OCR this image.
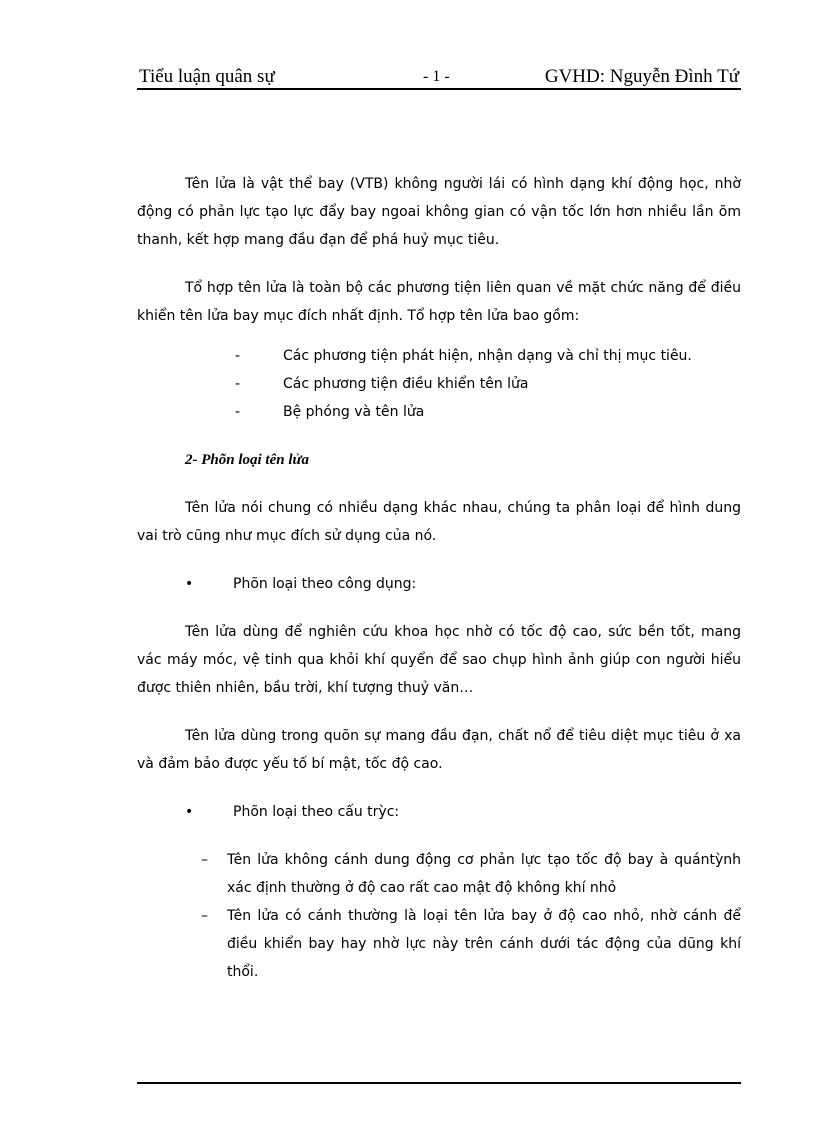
Tiểu luận quân sự	- 1 -	GVHD: Nguyễn Đình Tứ

Tên lửa là vật thể bay (VTB) không người lái có hình dạng khí động học, nhờ động có phản lực tạo lực đẩy bay ngoai không gian có vận tốc lớn hơn nhiều lần õm thanh, kết hợp mang đầu đạn để phá huỷ mục tiêu.

Tổ hợp tên lửa là toàn bộ các phương tiện liên quan về mặt chức năng để điều khiển tên lửa bay mục đích nhất định. Tổ hợp tên lửa bao gồm:

-	Các phương tiện phát hiện, nhận dạng và chỉ thị mục tiêu.
-	Các phương tiện điều khiển tên lửa
-	Bệ phóng và tên lửa
2- Phõn loại tên lửa

Tên lửa nói chung có nhiều dạng khác nhau, chúng ta phân loại để hình dung vai trò cũng như mục đích sử dụng của nó.

•	Phõn loại theo công dụng:

Tên lửa dùng để nghiên cứu khoa học nhờ có tốc độ cao, sức bền tốt, mang vác máy móc, vệ tinh qua khỏi khí quyển để sao chụp hình ảnh giúp con người hiểu được thiên nhiên, bầu trời, khí tượng thuỷ văn…

Tên lửa dùng trong quõn sự mang đầu đạn, chất nổ để tiêu diệt mục tiêu ở xa và đảm bảo được yếu tố bí mật, tốc độ cao.

•	Phõn loại theo cấu trỳc:
– Tên lửa không cánh dung động cơ phản lực tạo tốc độ bay à quántỳnh xác định thường ở độ cao rất cao mật độ không khí nhỏ
– Tên lửa có cánh thường là loại tên lửa bay ở độ cao nhỏ, nhờ cánh để điều khiển bay hay nhờ lực này trên cánh dưới tác động của dũng khí thổi.
